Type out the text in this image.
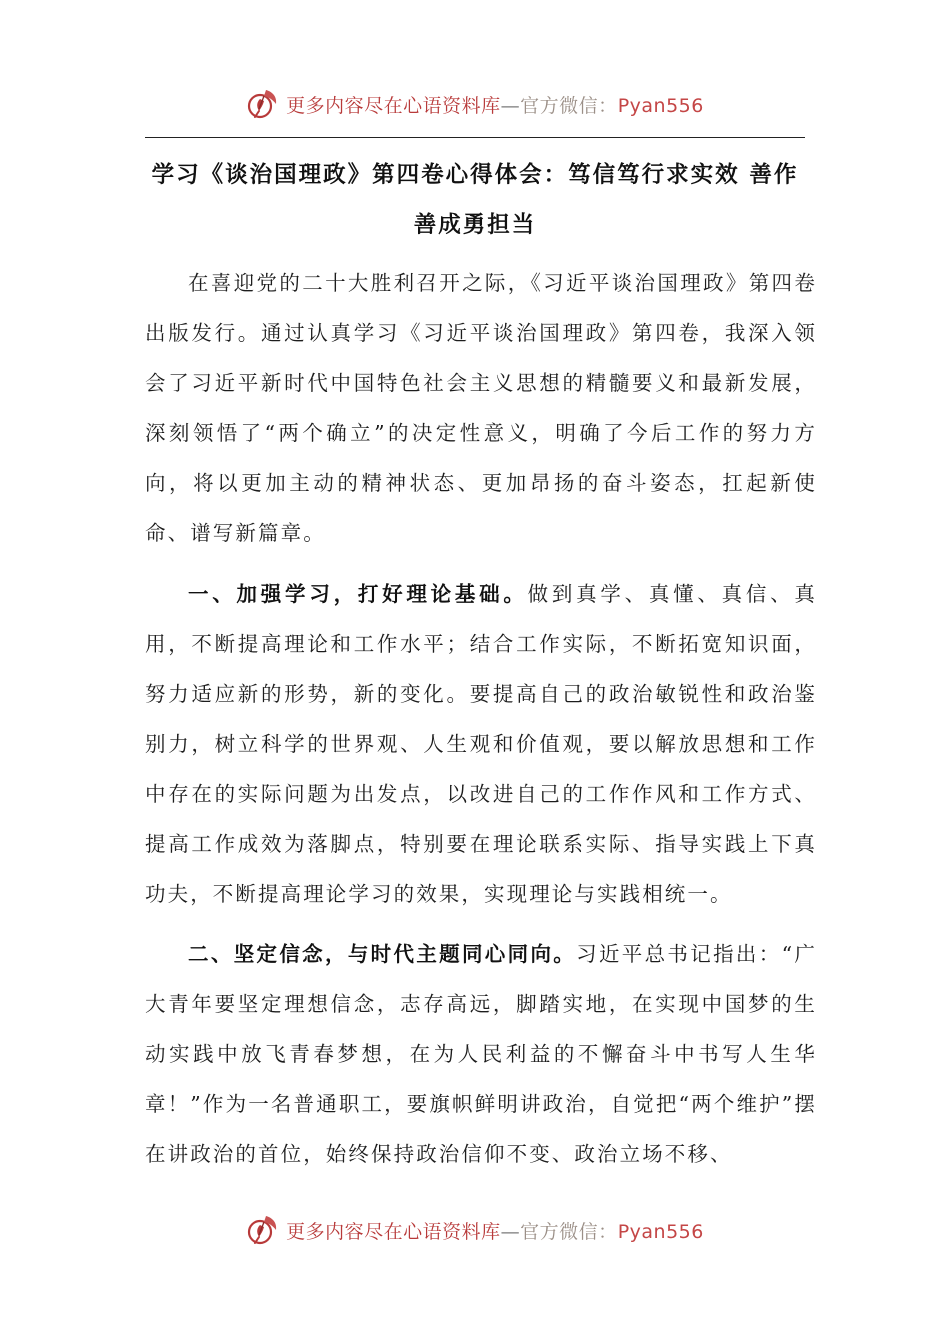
更多内容尽在心语资料库—官方微信：Pyan556
学习《谈治国理政》第四卷心得体会：笃信笃行求实效 善作善成勇担当

在喜迎党的二十大胜利召开之际，《习近平谈治国理政》第四卷出版发行。通过认真学习《习近平谈治国理政》第四卷，我深入领会了习近平新时代中国特色社会主义思想的精髓要义和最新发展，深刻领悟了“两个确立”的决定性意义，明确了今后工作的努力方向，将以更加主动的精神状态、更加昂扬的奋斗姿态，扛起新使命、谱写新篇章。

一、加强学习，打好理论基础。做到真学、真懂、真信、真用，不断提高理论和工作水平；结合工作实际，不断拓宽知识面，努力适应新的形势，新的变化。要提高自己的政治敏锐性和政治鉴别力，树立科学的世界观、人生观和价值观，要以解放思想和工作中存在的实际问题为出发点，以改进自己的工作作风和工作方式、提高工作成效为落脚点，特别要在理论联系实际、指导实践上下真功夫，不断提高理论学习的效果，实现理论与实践相统一。

二、坚定信念，与时代主题同心同向。习近平总书记指出：“广大青年要坚定理想信念，志存高远，脚踏实地，在实现中国梦的生动实践中放飞青春梦想，在为人民利益的不懈奋斗中书写人生华章！”作为一名普通职工，要旗帜鲜明讲政治，自觉把“两个维护”摆在讲政治的首位，始终保持政治信仰不变、政治立场不移、

更多内容尽在心语资料库—官方微信：Pyan556
